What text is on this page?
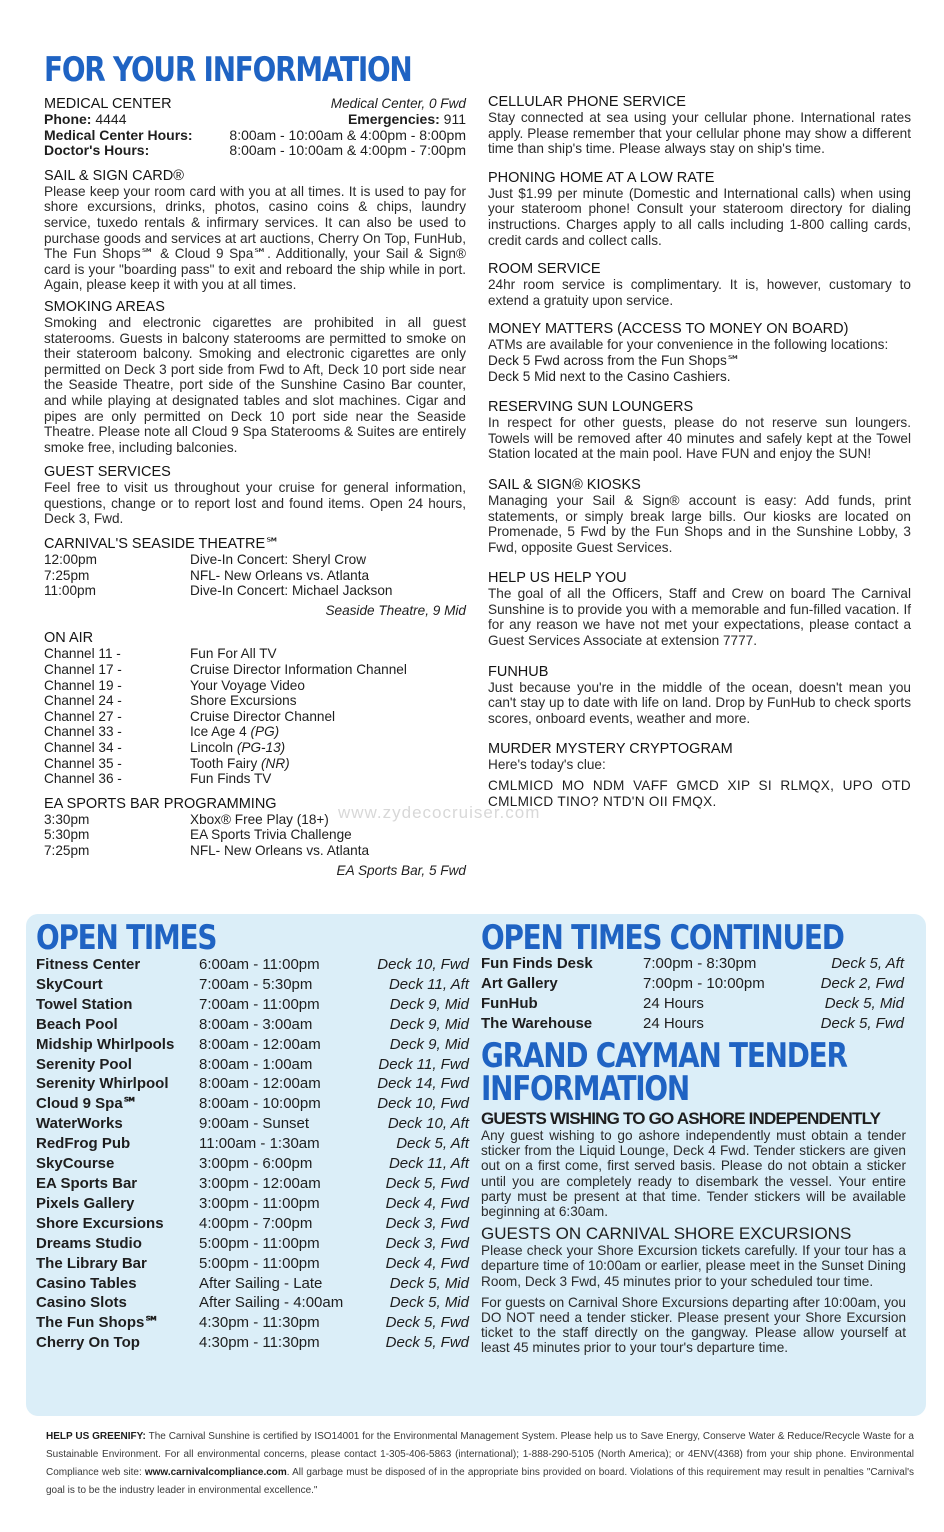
FOR YOUR INFORMATION
MEDICAL CENTER	Medical Center, 0 Fwd
Phone: 4444	Emergencies: 911
Medical Center Hours:	8:00am - 10:00am & 4:00pm - 8:00pm
Doctor's Hours:	8:00am - 10:00am & 4:00pm - 7:00pm
SAIL & SIGN CARD®

Please keep your room card with you at all times. It is used to pay for shore excursions, drinks, photos, casino coins & chips, laundry service, tuxedo rentals & infirmary services. It can also be used to purchase goods and services at art auctions, Cherry On Top, FunHub, The Fun Shops℠ & Cloud 9 Spa℠. Additionally, your Sail & Sign® card is your "boarding pass" to exit and reboard the ship while in port. Again, please keep it with you at all times.

SMOKING AREAS

Smoking and electronic cigarettes are prohibited in all guest staterooms. Guests in balcony staterooms are permitted to smoke on their stateroom balcony. Smoking and electronic cigarettes are only permitted on Deck 3 port side from Fwd to Aft, Deck 10 port side near the Seaside Theatre, port side of the Sunshine Casino Bar counter, and while playing at designated tables and slot machines. Cigar and pipes are only permitted on Deck 10 port side near the Seaside Theatre. Please note all Cloud 9 Spa Staterooms & Suites are entirely smoke free, including balconies.

GUEST SERVICES

Feel free to visit us throughout your cruise for general information, questions, change or to report lost and found items. Open 24 hours, Deck 3, Fwd.

CARNIVAL'S SEASIDE THEATRE℠
12:00pm	Dive-In Concert: Sheryl Crow
7:25pm	NFL- New Orleans vs. Atlanta
11:00pm	Dive-In Concert: Michael Jackson
Seaside Theatre, 9 Mid
ON AIR
Channel 11 -	Fun For All TV
Channel 17 -	Cruise Director Information Channel
Channel 19 -	Your Voyage Video
Channel 24 -	Shore Excursions
Channel 27 -	Cruise Director Channel
Channel 33 -	Ice Age 4 (PG)
Channel 34 -	Lincoln (PG-13)
Channel 35 -	Tooth Fairy (NR)
Channel 36 -	Fun Finds TV
EA SPORTS BAR PROGRAMMING
3:30pm	Xbox® Free Play (18+)
5:30pm	EA Sports Trivia Challenge
7:25pm	NFL- New Orleans vs. Atlanta
EA Sports Bar, 5 Fwd
www.zydecocruiser.com
CELLULAR PHONE SERVICE

Stay connected at sea using your cellular phone. International rates apply. Please remember that your cellular phone may show a different time than ship's time. Please always stay on ship's time.

PHONING HOME AT A LOW RATE

Just $1.99 per minute (Domestic and International calls) when using your stateroom phone! Consult your stateroom directory for dialing instructions. Charges apply to all calls including 1-800 calling cards, credit cards and collect calls.

ROOM SERVICE

24hr room service is complimentary. It is, however, customary to extend a gratuity upon service.

MONEY MATTERS (ACCESS TO MONEY ON BOARD)

ATMs are available for your convenience in the following locations:

Deck 5 Fwd across from the Fun Shops℠
Deck 5 Mid next to the Casino Cashiers.
RESERVING SUN LOUNGERS

In respect for other guests, please do not reserve sun loungers. Towels will be removed after 40 minutes and safely kept at the Towel Station located at the main pool. Have FUN and enjoy the SUN!

SAIL & SIGN® KIOSKS

Managing your Sail & Sign® account is easy: Add funds, print statements, or simply break large bills. Our kiosks are located on Promenade, 5 Fwd by the Fun Shops and in the Sunshine Lobby, 3 Fwd, opposite Guest Services.

HELP US HELP YOU

The goal of all the Officers, Staff and Crew on board The Carnival Sunshine is to provide you with a memorable and fun-filled vacation. If for any reason we have not met your expectations, please contact a Guest Services Associate at extension 7777.

FUNHUB

Just because you're in the middle of the ocean, doesn't mean you can't stay up to date with life on land. Drop by FunHub to check sports scores, onboard events, weather and more.

MURDER MYSTERY CRYPTOGRAM

Here's today's clue:

CMLMICD MO NDM VAFF GMCD XIP SI RLMQX, UPO OTD CMLMICD TINO? NTD'N OII FMQX.
OPEN TIMES
Fitness Center	6:00am - 11:00pm	Deck 10, Fwd
SkyCourt	7:00am - 5:30pm	Deck 11, Aft
Towel Station	7:00am - 11:00pm	Deck 9, Mid
Beach Pool	8:00am - 3:00am	Deck 9, Mid
Midship Whirlpools	8:00am - 12:00am	Deck 9, Mid
Serenity Pool	8:00am - 1:00am	Deck 11, Fwd
Serenity Whirlpool	8:00am - 12:00am	Deck 14, Fwd
Cloud 9 Spa℠	8:00am - 10:00pm	Deck 10, Fwd
WaterWorks	9:00am - Sunset	Deck 10, Aft
RedFrog Pub	11:00am - 1:30am	Deck 5, Aft
SkyCourse	3:00pm - 6:00pm	Deck 11, Aft
EA Sports Bar	3:00pm - 12:00am	Deck 5, Fwd
Pixels Gallery	3:00pm - 11:00pm	Deck 4, Fwd
Shore Excursions	4:00pm - 7:00pm	Deck 3, Fwd
Dreams Studio	5:00pm - 11:00pm	Deck 3, Fwd
The Library Bar	5:00pm - 11:00pm	Deck 4, Fwd
Casino Tables	After Sailing - Late	Deck 5, Mid
Casino Slots	After Sailing - 4:00am	Deck 5, Mid
The Fun Shops℠	4:30pm - 11:30pm	Deck 5, Fwd
Cherry On Top	4:30pm - 11:30pm	Deck 5, Fwd
OPEN TIMES CONTINUED
Fun Finds Desk	7:00pm - 8:30pm	Deck 5, Aft
Art Gallery	7:00pm - 10:00pm	Deck 2, Fwd
FunHub	24 Hours	Deck 5, Mid
The Warehouse	24 Hours	Deck 5, Fwd
GRAND CAYMAN TENDER
INFORMATION
GUESTS WISHING TO GO ASHORE INDEPENDENTLY

Any guest wishing to go ashore independently must obtain a tender sticker from the Liquid Lounge, Deck 4 Fwd. Tender stickers are given out on a first come, first served basis. Please do not obtain a sticker until you are completely ready to disembark the vessel. Your entire party must be present at that time. Tender stickers will be available beginning at 6:30am.

GUESTS ON CARNIVAL SHORE EXCURSIONS

Please check your Shore Excursion tickets carefully. If your tour has a departure time of 10:00am or earlier, please meet in the Sunset Dining Room, Deck 3 Fwd, 45 minutes prior to your scheduled tour time.

For guests on Carnival Shore Excursions departing after 10:00am, you DO NOT need a tender sticker. Please present your Shore Excursion ticket to the staff directly on the gangway. Please allow yourself at least 45 minutes prior to your tour's departure time.

HELP US GREENIFY: The Carnival Sunshine is certified by ISO14001 for the Environmental Management System. Please help us to Save Energy, Conserve Water & Reduce/Recycle Waste for a Sustainable Environment. For all environmental concerns, please contact 1-305-406-5863 (international); 1-888-290-5105 (North America); or 4ENV(4368) from your ship phone. Environmental Compliance web site: www.carnivalcompliance.com. All garbage must be disposed of in the appropriate bins provided on board. Violations of this requirement may result in penalties "Carnival's goal is to be the industry leader in environmental excellence."
